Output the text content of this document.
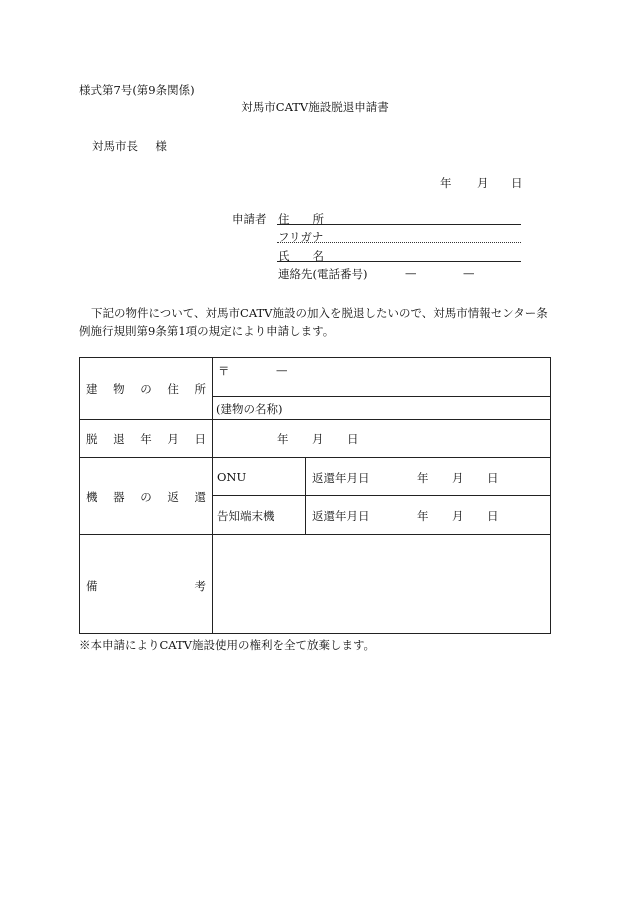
様式第7号(第9条関係)
対馬市CATV施設脱退申請書
対馬市長 様
年 月 日
申請者 住 所
フリガナ
氏 名
連絡先(電話番号)	—	—
下記の物件について、対馬市CATV施設の加入を脱退したいので、対馬市情報センター条
例施行規則第9条第1項の規定により申請します。
建 物 の 住 所
〒	—
(建物の名称)
脱 退 年 月 日	年 月 日
機 器 の 返 還
ONU	返還年月日	年 月 日
告知端末機	返還年月日	年 月 日
備	考
※本申請によりCATV施設使用の権利を全て放棄します。
